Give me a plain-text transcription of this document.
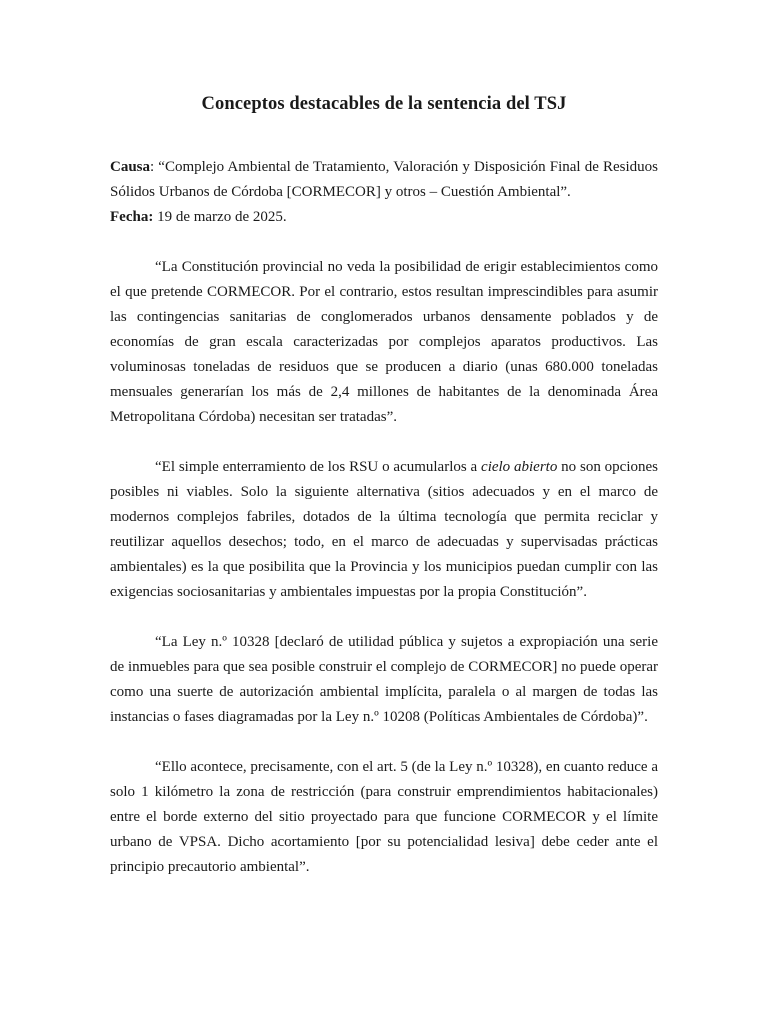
Conceptos destacables de la sentencia del TSJ

Causa: “Complejo Ambiental de Tratamiento, Valoración y Disposición Final de Residuos Sólidos Urbanos de Córdoba [CORMECOR] y otros – Cuestión Ambiental”.

Fecha: 19 de marzo de 2025.

“La Constitución provincial no veda la posibilidad de erigir establecimientos como el que pretende CORMECOR. Por el contrario, estos resultan imprescindibles para asumir las contingencias sanitarias de conglomerados urbanos densamente poblados y de economías de gran escala caracterizadas por complejos aparatos productivos. Las voluminosas toneladas de residuos que se producen a diario (unas 680.000 toneladas mensuales generarían los más de 2,4 millones de habitantes de la denominada Área Metropolitana Córdoba) necesitan ser tratadas”.

“El simple enterramiento de los RSU o acumularlos a cielo abierto no son opciones posibles ni viables. Solo la siguiente alternativa (sitios adecuados y en el marco de modernos complejos fabriles, dotados de la última tecnología que permita reciclar y reutilizar aquellos desechos; todo, en el marco de adecuadas y supervisadas prácticas ambientales) es la que posibilita que la Provincia y los municipios puedan cumplir con las exigencias sociosanitarias y ambientales impuestas por la propia Constitución”.

“La Ley n.º 10328 [declaró de utilidad pública y sujetos a expropiación una serie de inmuebles para que sea posible construir el complejo de CORMECOR] no puede operar como una suerte de autorización ambiental implícita, paralela o al margen de todas las instancias o fases diagramadas por la Ley n.º 10208 (Políticas Ambientales de Córdoba)”.

“Ello acontece, precisamente, con el art. 5 (de la Ley n.º 10328), en cuanto reduce a solo 1 kilómetro la zona de restricción (para construir emprendimientos habitacionales) entre el borde externo del sitio proyectado para que funcione CORMECOR y el límite urbano de VPSA. Dicho acortamiento [por su potencialidad lesiva] debe ceder ante el principio precautorio ambiental”.
